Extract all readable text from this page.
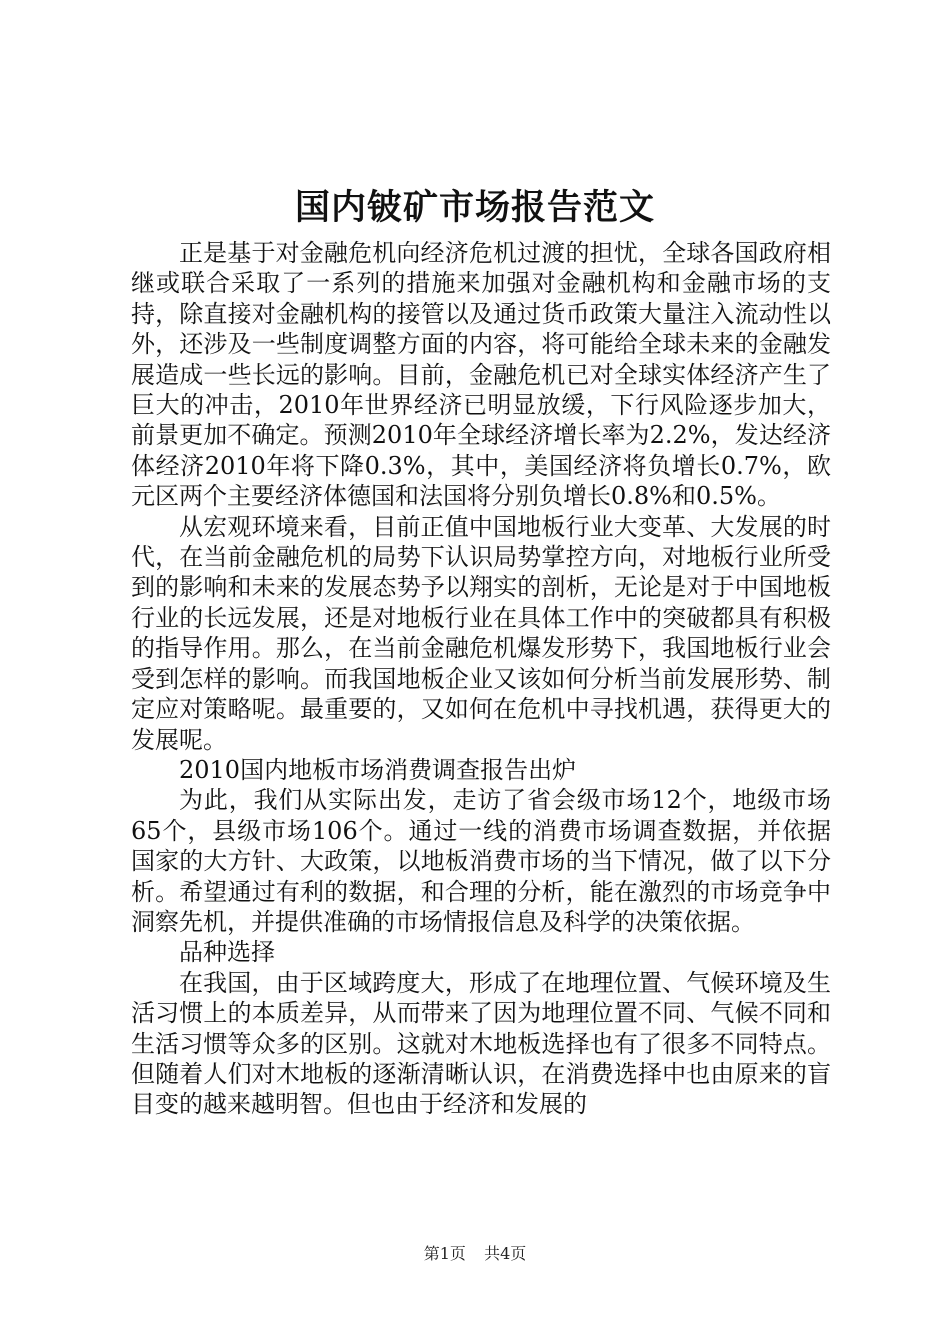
国内铍矿市场报告范文

正是基于对金融危机向经济危机过渡的担忧，全球各国政府相继或联合采取了一系列的措施来加强对金融机构和金融市场的支持，除直接对金融机构的接管以及通过货币政策大量注入流动性以外，还涉及一些制度调整方面的内容，将可能给全球未来的金融发展造成一些长远的影响。目前，金融危机已对全球实体经济产生了巨大的冲击，2010年世界经济已明显放缓，下行风险逐步加大，前景更加不确定。预测2010年全球经济增长率为2.2%，发达经济体经济2010年将下降0.3%，其中，美国经济将负增长0.7%，欧元区两个主要经济体德国和法国将分别负增长0.8%和0.5%。

从宏观环境来看，目前正值中国地板行业大变革、大发展的时代，在当前金融危机的局势下认识局势掌控方向，对地板行业所受到的影响和未来的发展态势予以翔实的剖析，无论是对于中国地板行业的长远发展，还是对地板行业在具体工作中的突破都具有积极的指导作用。那么，在当前金融危机爆发形势下，我国地板行业会受到怎样的影响。而我国地板企业又该如何分析当前发展形势、制定应对策略呢。最重要的，又如何在危机中寻找机遇，获得更大的发展呢。

2010国内地板市场消费调查报告出炉

为此，我们从实际出发，走访了省会级市场12个，地级市场65个，县级市场106个。通过一线的消费市场调查数据，并依据国家的大方针、大政策，以地板消费市场的当下情况，做了以下分析。希望通过有利的数据，和合理的分析，能在激烈的市场竞争中洞察先机，并提供准确的市场情报信息及科学的决策依据。

品种选择

在我国，由于区域跨度大，形成了在地理位置、气候环境及生活习惯上的本质差异，从而带来了因为地理位置不同、气候不同和生活习惯等众多的区别。这就对木地板选择也有了很多不同特点。但随着人们对木地板的逐渐清晰认识，在消费选择中也由原来的盲目变的越来越明智。但也由于经济和发展的

第1页 共4页
